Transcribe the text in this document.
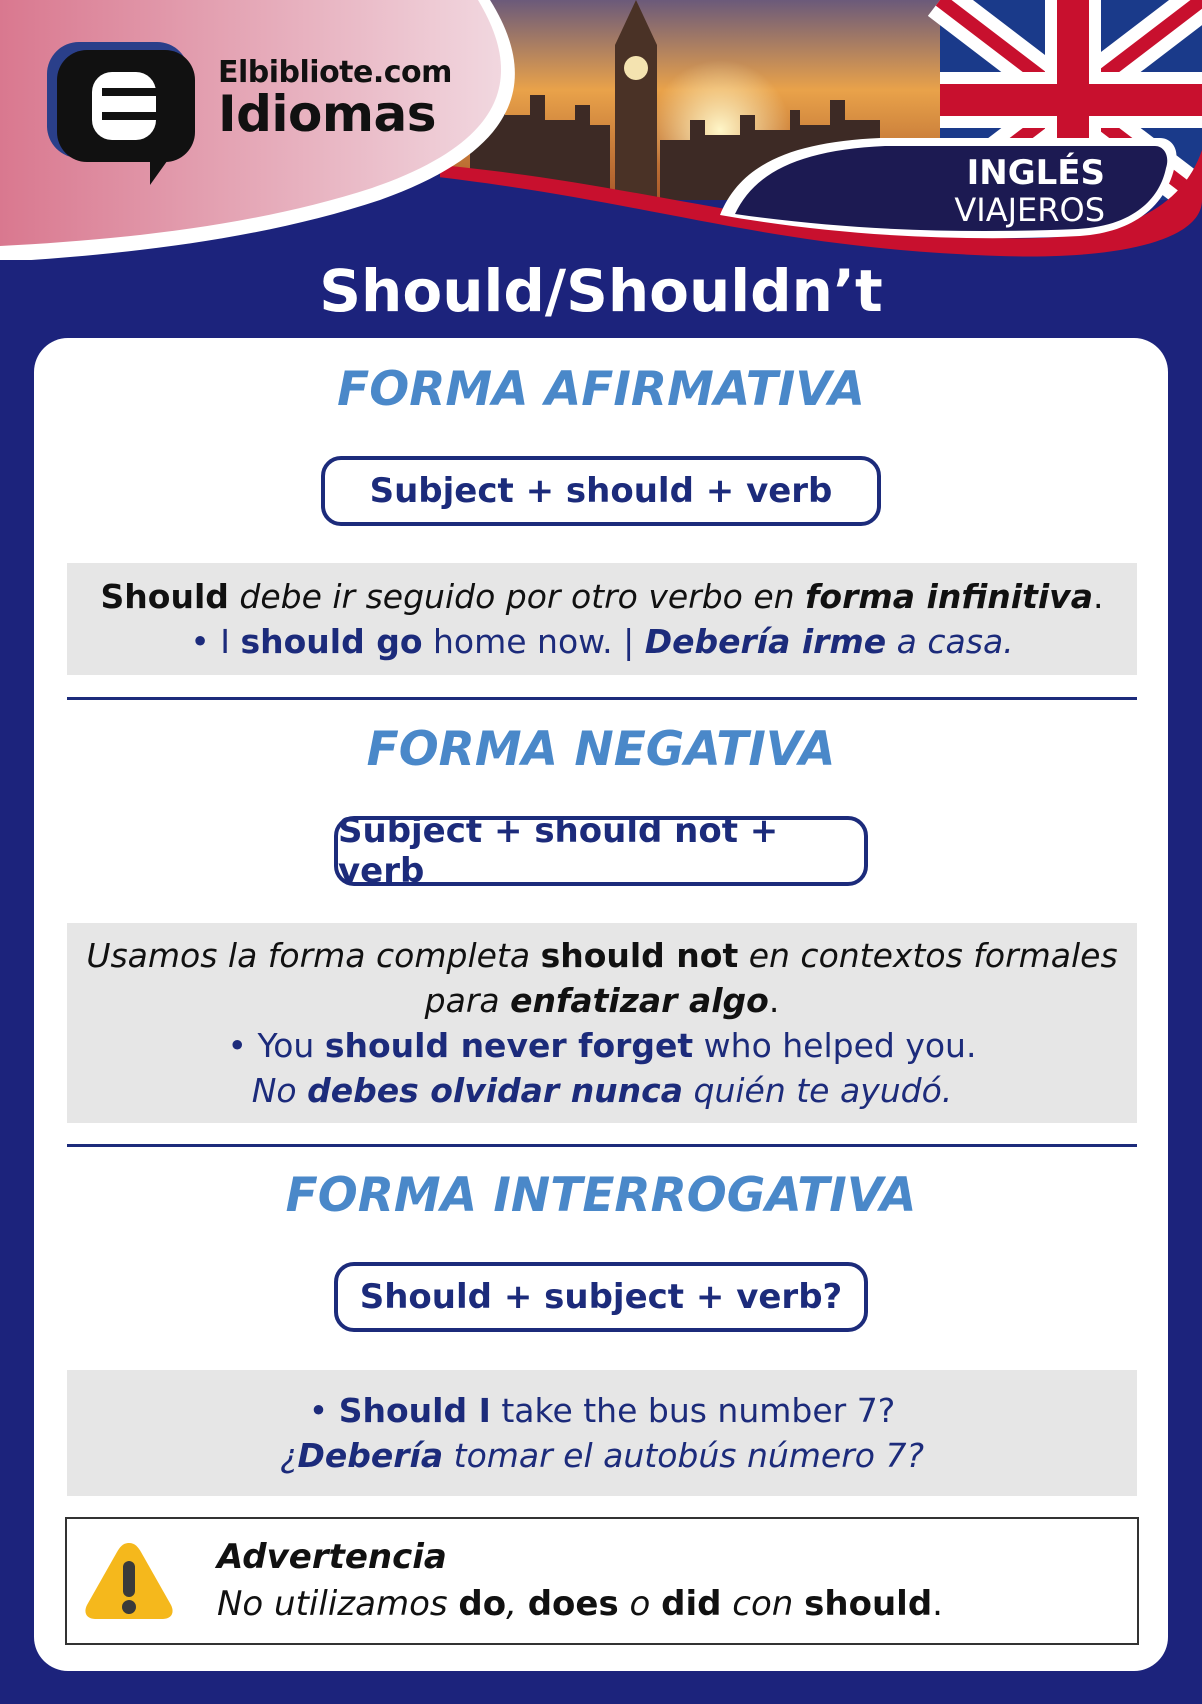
Elbibliote.com
Idiomas
INGLÉS
VIAJEROS
Should/Shouldn’t
FORMA AFIRMATIVA
Subject + should + verb
Should debe ir seguido por otro verbo en forma infinitiva.
• I should go home now. | Debería irme a casa.
FORMA NEGATIVA
Subject + should not + verb
Usamos la forma completa should not en contextos formales
para enfatizar algo.
• You should never forget who helped you.
No debes olvidar nunca quién te ayudó.
FORMA INTERROGATIVA
Should + subject + verb?
• Should I take the bus number 7?
¿Debería tomar el autobús número 7?
Advertencia
No utilizamos do, does o did con should.
